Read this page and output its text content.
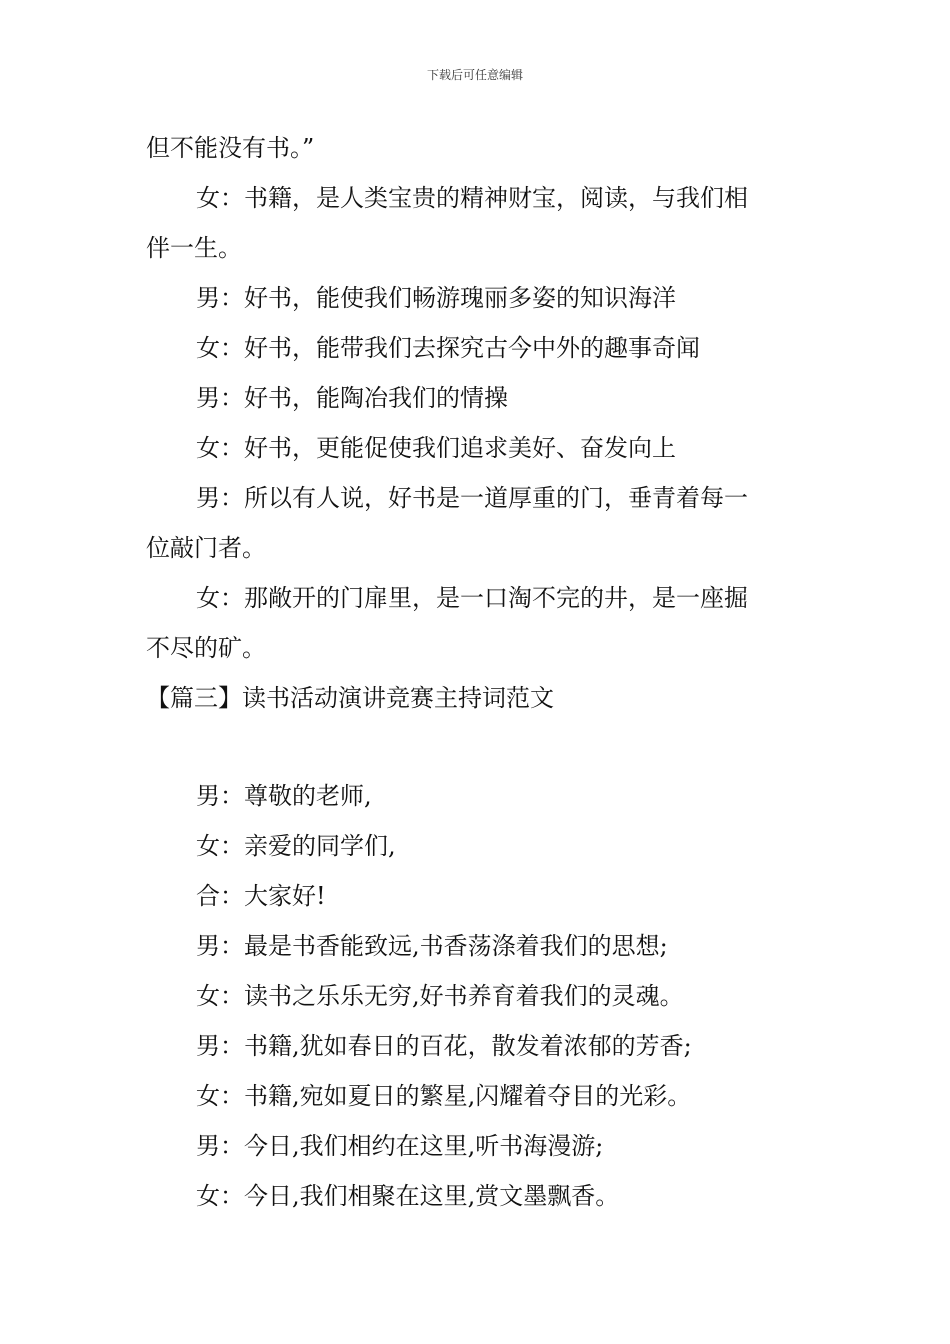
下载后可任意编辑
但不能没有书。”
女：书籍，是人类宝贵的精神财宝，阅读，与我们相
伴一生。
男：好书，能使我们畅游瑰丽多姿的知识海洋
女：好书，能带我们去探究古今中外的趣事奇闻
男：好书，能陶冶我们的情操
女：好书，更能促使我们追求美好、奋发向上
男：所以有人说，好书是一道厚重的门，垂青着每一
位敲门者。
女：那敞开的门扉里，是一口淘不完的井，是一座掘
不尽的矿。
【篇三】读书活动演讲竞赛主持词范文
男：尊敬的老师,
女：亲爱的同学们,
合：大家好!
男：最是书香能致远,书香荡涤着我们的思想;
女：读书之乐乐无穷,好书养育着我们的灵魂。
男：书籍,犹如春日的百花，散发着浓郁的芳香;
女：书籍,宛如夏日的繁星,闪耀着夺目的光彩。
男：今日,我们相约在这里,听书海漫游;
女：今日,我们相聚在这里,赏文墨飘香。
